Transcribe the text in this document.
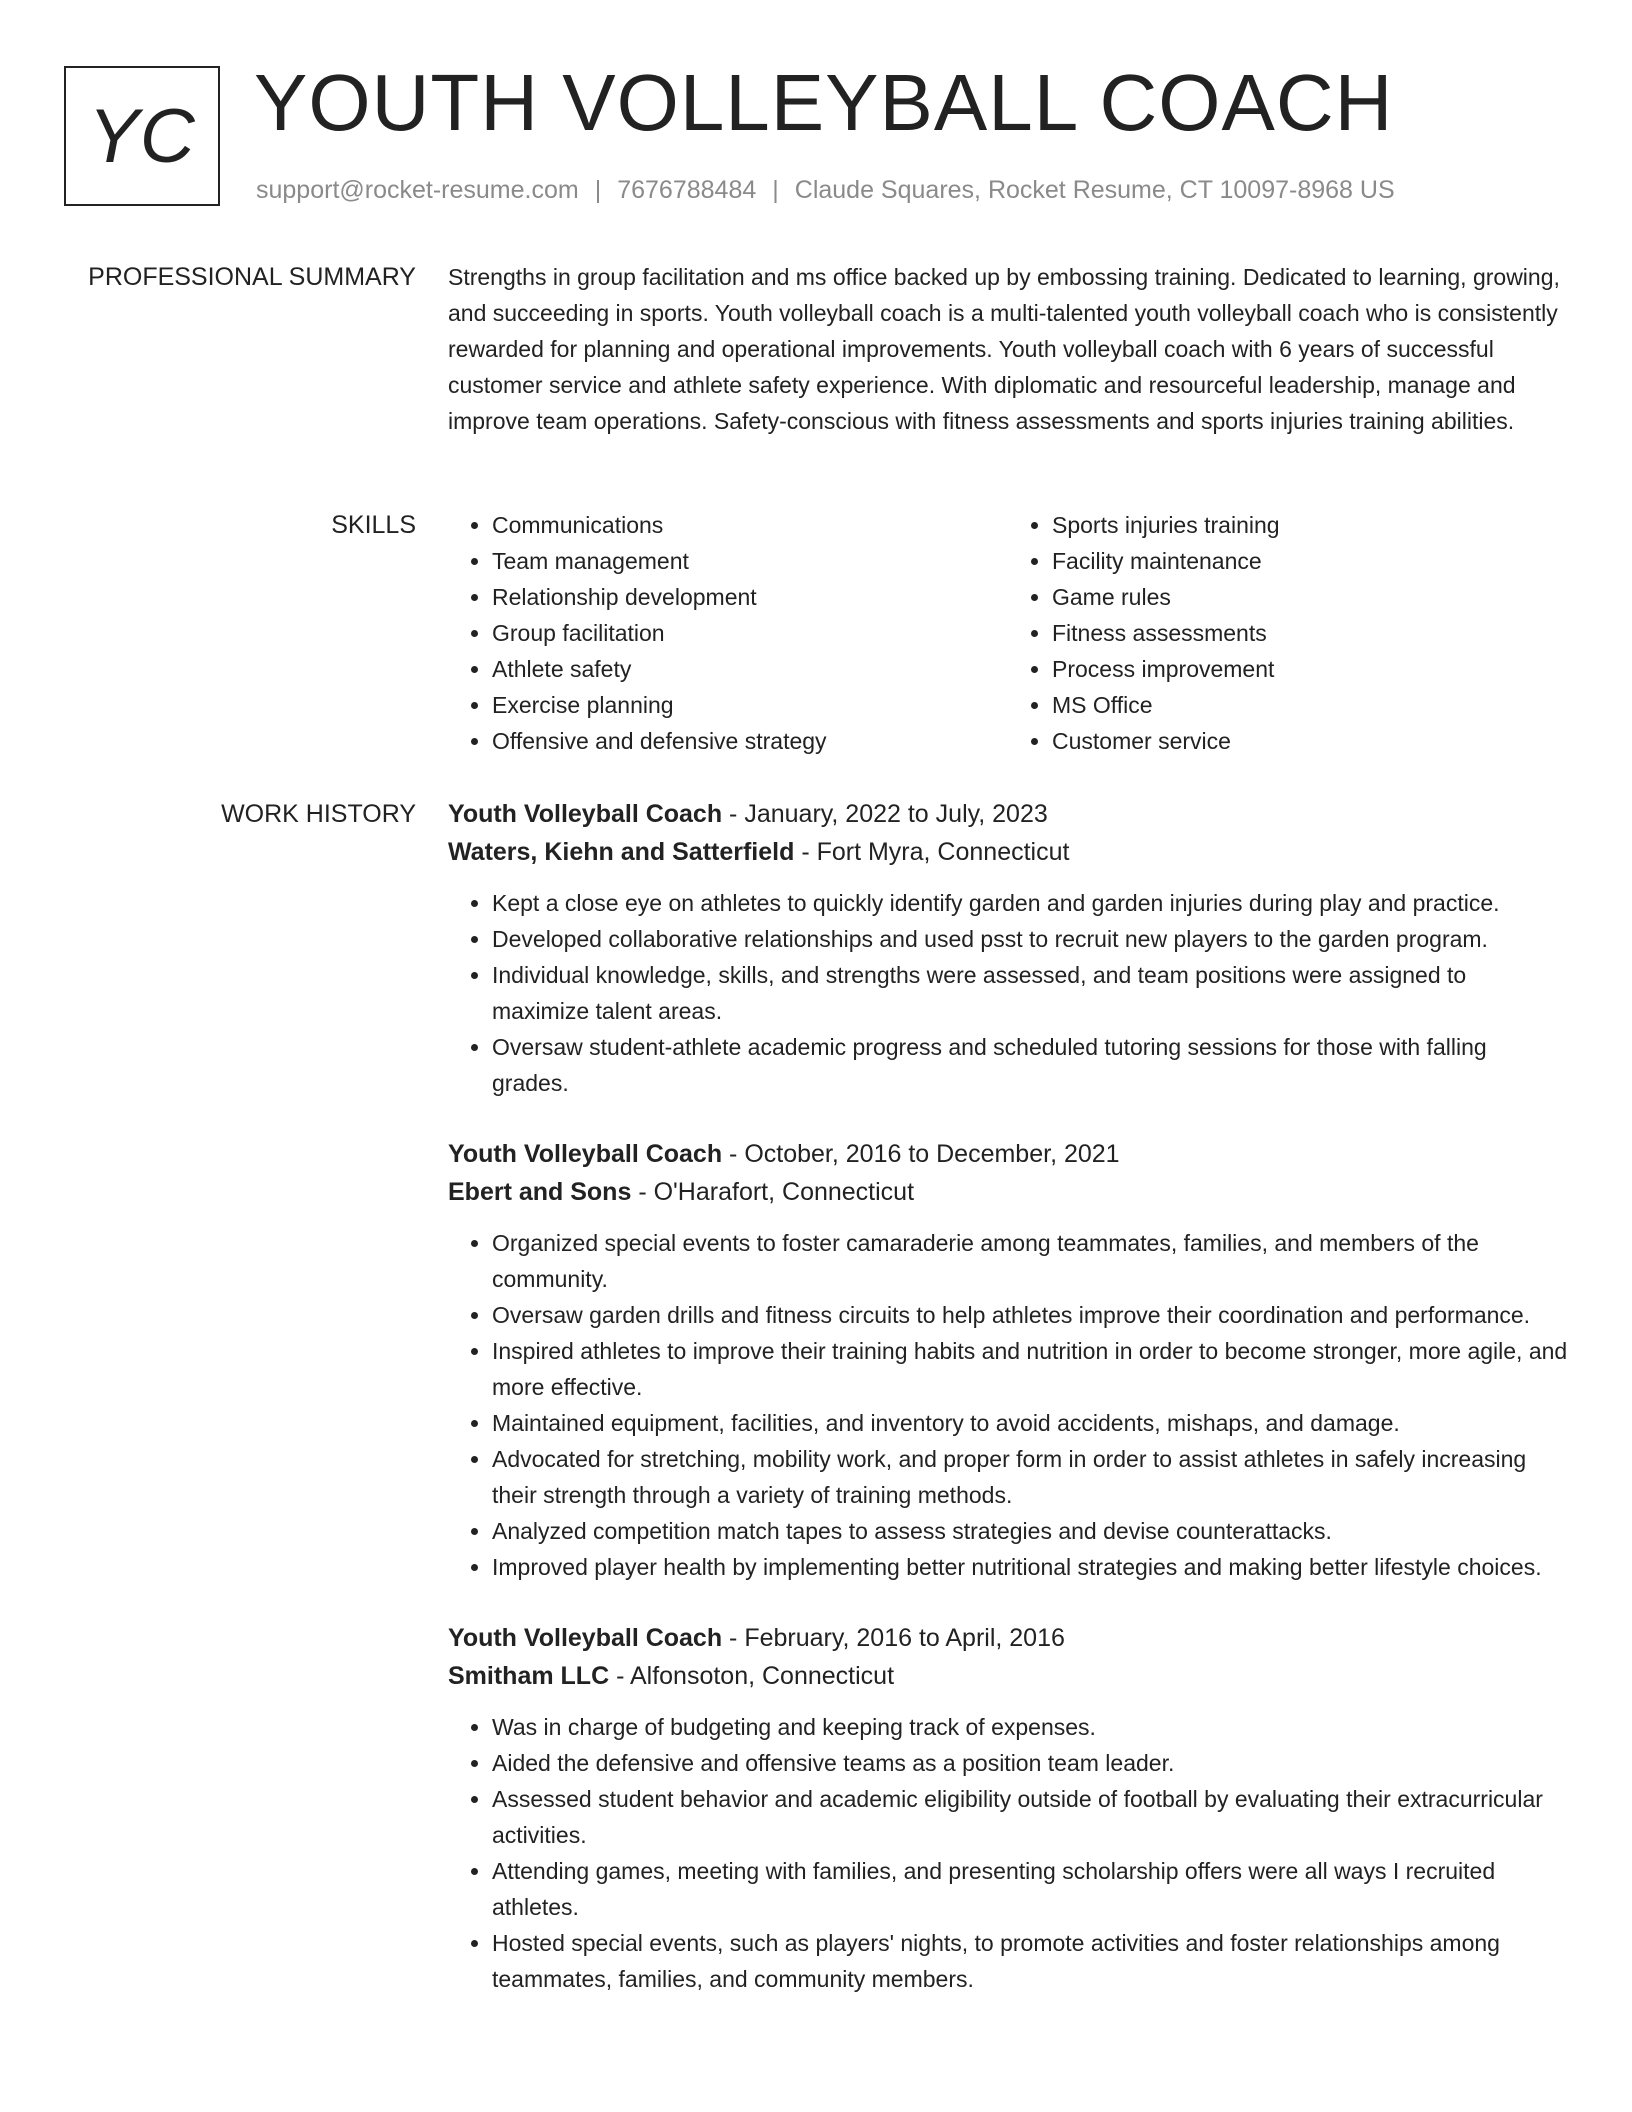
YC YOUTH VOLLEYBALL COACH
support@rocket-resume.com | 7676788484 | Claude Squares, Rocket Resume, CT 10097-8968 US
PROFESSIONAL SUMMARY Strengths in group facilitation and ms office backed up by embossing training. Dedicated to learning, growing, and succeeding in sports. Youth volleyball coach is a multi-talented youth volleyball coach who is consistently rewarded for planning and operational improvements. Youth volleyball coach with 6 years of successful customer service and athlete safety experience. With diplomatic and resourceful leadership, manage and improve team operations. Safety-conscious with fitness assessments and sports injuries training abilities.

SKILLS
•	Communications
• Team management
• Relationship development
• Group facilitation
• Athlete safety
• Exercise planning
• Offensive and defensive strategy
• Sports injuries training
• Facility maintenance
• Game rules
• Fitness assessments
• Process improvement
• MS Office
• Customer service
WORK HISTORY Youth Volleyball Coach - January, 2022 to July, 2023
Waters, Kiehn and Satterfield - Fort Myra, Connecticut
• Kept a close eye on athletes to quickly identify garden and garden injuries during play and practice.
• Developed collaborative relationships and used psst to recruit new players to the garden program.
• Individual knowledge, skills, and strengths were assessed, and team positions were assigned to maximize talent areas.
• Oversaw student-athlete academic progress and scheduled tutoring sessions for those with falling grades.
Youth Volleyball Coach - October, 2016 to December, 2021
Ebert and Sons - O'Harafort, Connecticut
• Organized special events to foster camaraderie among teammates, families, and members of the community.
• Oversaw garden drills and fitness circuits to help athletes improve their coordination and performance.
• Inspired athletes to improve their training habits and nutrition in order to become stronger, more agile, and more effective.
• Maintained equipment, facilities, and inventory to avoid accidents, mishaps, and damage.
• Advocated for stretching, mobility work, and proper form in order to assist athletes in safely increasing their strength through a variety of training methods.
• Analyzed competition match tapes to assess strategies and devise counterattacks.
• Improved player health by implementing better nutritional strategies and making better lifestyle choices.
Youth Volleyball Coach - February, 2016 to April, 2016
Smitham LLC - Alfonsoton, Connecticut
• Was in charge of budgeting and keeping track of expenses.
• Aided the defensive and offensive teams as a position team leader.
• Assessed student behavior and academic eligibility outside of football by evaluating their extracurricular activities.
• Attending games, meeting with families, and presenting scholarship offers were all ways I recruited athletes.
• Hosted special events, such as players' nights, to promote activities and foster relationships among teammates, families, and community members.
